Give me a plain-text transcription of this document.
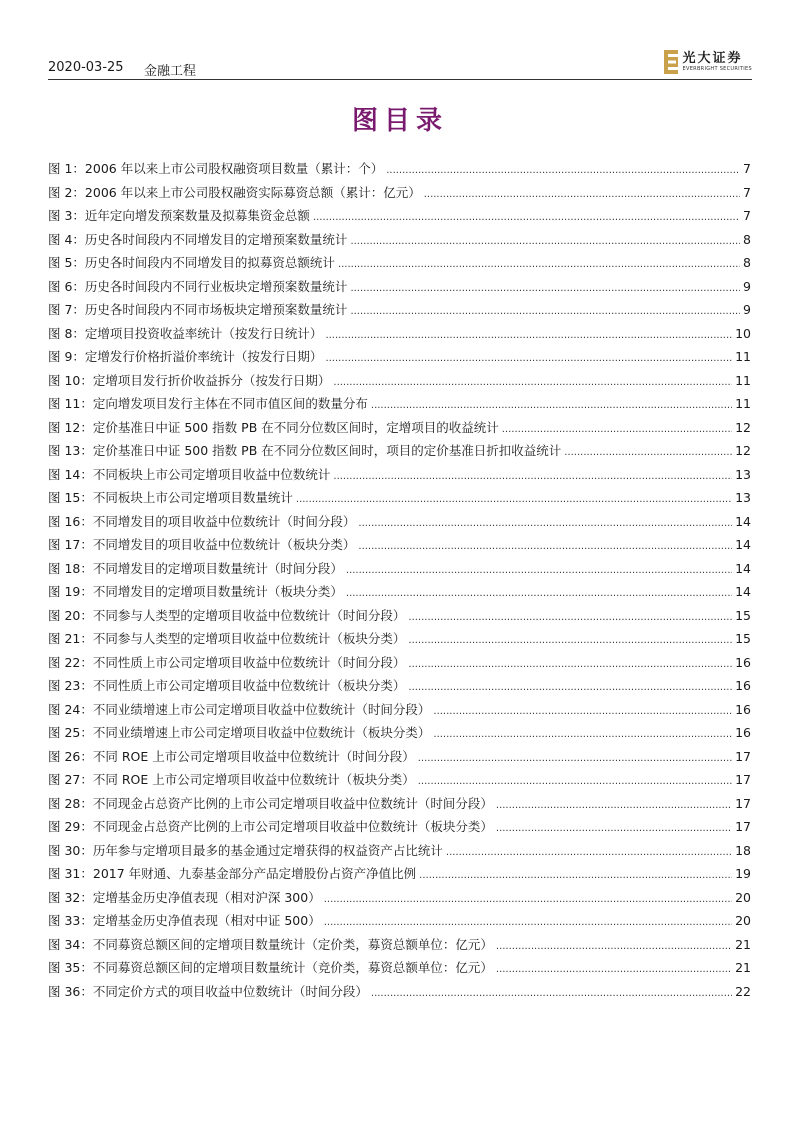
2020-03-25 金融工程
光大证券
EVERBRIGHT SECURITIES
图目录
图 1：2006 年以来上市公司股权融资项目数量（累计：个） .....	7
图 2：2006 年以来上市公司股权融资实际募资总额（累计：亿元） .....	7
图 3：近年定向增发预案数量及拟募集资金总额 .....	7
图 4：历史各时间段内不同增发目的定增预案数量统计 .....	8
图 5：历史各时间段内不同增发目的拟募资总额统计 .....	8
图 6：历史各时间段内不同行业板块定增预案数量统计 .....	9
图 7：历史各时间段内不同市场板块定增预案数量统计 .....	9
图 8：定增项目投资收益率统计（按发行日统计） .....	10
图 9：定增发行价格折溢价率统计（按发行日期） .....	11
图 10：定增项目发行折价收益拆分（按发行日期） .....	11
图 11：定向增发项目发行主体在不同市值区间的数量分布 .....	11
图 12：定价基准日中证 500 指数 PB 在不同分位数区间时，定增项目的收益统计 .....	12
图 13：定价基准日中证 500 指数 PB 在不同分位数区间时，项目的定价基准日折扣收益统计 .....	12
图 14：不同板块上市公司定增项目收益中位数统计 .....	13
图 15：不同板块上市公司定增项目数量统计 .....	13
图 16：不同增发目的项目收益中位数统计（时间分段） .....	14
图 17：不同增发目的项目收益中位数统计（板块分类） .....	14
图 18：不同增发目的定增项目数量统计（时间分段） .....	14
图 19：不同增发目的定增项目数量统计（板块分类） .....	14
图 20：不同参与人类型的定增项目收益中位数统计（时间分段） .....	15
图 21：不同参与人类型的定增项目收益中位数统计（板块分类） .....	15
图 22：不同性质上市公司定增项目收益中位数统计（时间分段） .....	16
图 23：不同性质上市公司定增项目收益中位数统计（板块分类） .....	16
图 24：不同业绩增速上市公司定增项目收益中位数统计（时间分段） .....	16
图 25：不同业绩增速上市公司定增项目收益中位数统计（板块分类） .....	16
图 26：不同 ROE 上市公司定增项目收益中位数统计（时间分段） .....	17
图 27：不同 ROE 上市公司定增项目收益中位数统计（板块分类） .....	17
图 28：不同现金占总资产比例的上市公司定增项目收益中位数统计（时间分段） .....	17
图 29：不同现金占总资产比例的上市公司定增项目收益中位数统计（板块分类） .....	17
图 30：历年参与定增项目最多的基金通过定增获得的权益资产占比统计 .....	18
图 31：2017 年财通、九泰基金部分产品定增股份占资产净值比例 .....	19
图 32：定增基金历史净值表现（相对沪深 300） .....	20
图 33：定增基金历史净值表现（相对中证 500） .....	20
图 34：不同募资总额区间的定增项目数量统计（定价类，募资总额单位：亿元） .....	21
图 35：不同募资总额区间的定增项目数量统计（竞价类，募资总额单位：亿元） .....	21
图 36：不同定价方式的项目收益中位数统计（时间分段） .....	22
